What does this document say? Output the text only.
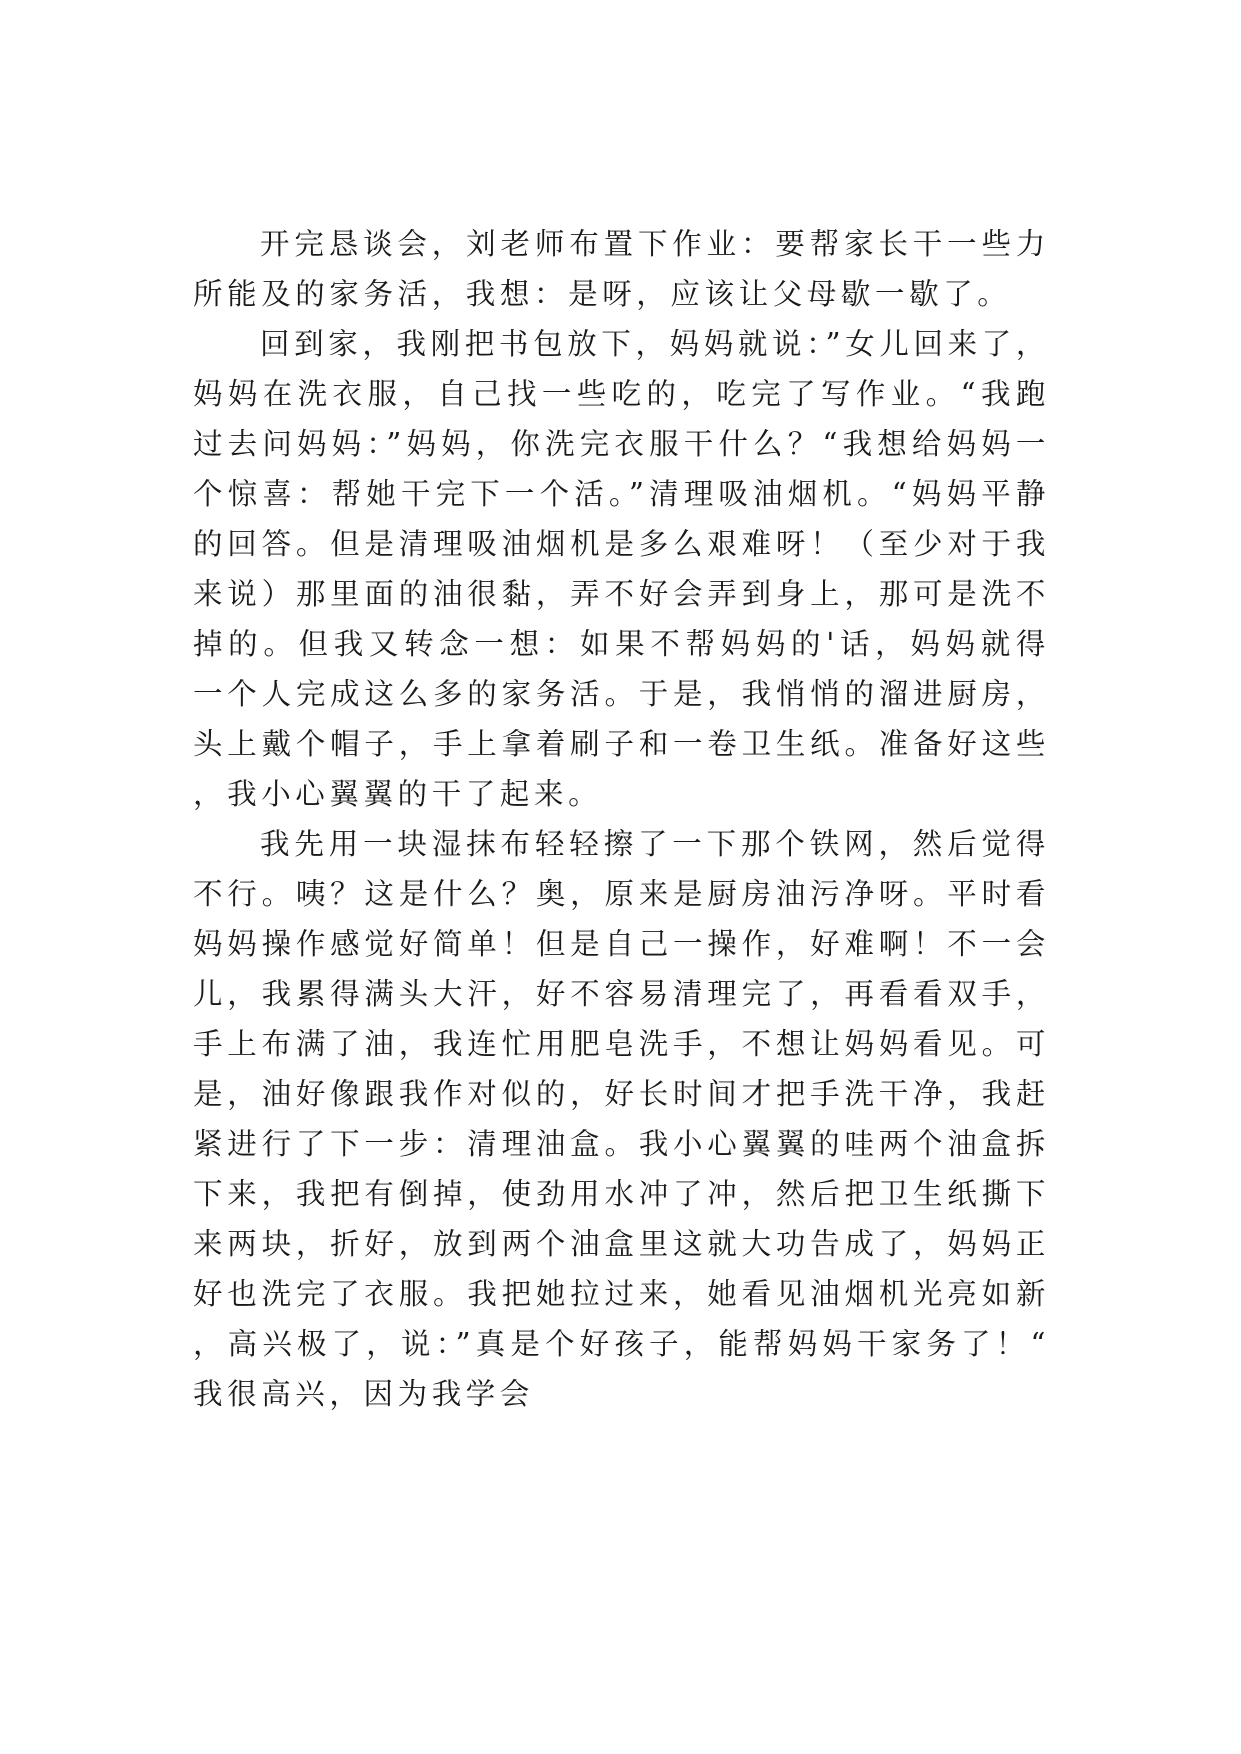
开完恳谈会，刘老师布置下作业：要帮家长干一些力所能及的家务活，我想：是呀，应该让父母歇一歇了。

回到家，我刚把书包放下，妈妈就说：”女儿回来了，妈妈在洗衣服，自己找一些吃的，吃完了写作业。“我跑过去问妈妈：”妈妈，你洗完衣服干什么？“我想给妈妈一个惊喜：帮她干完下一个活。”清理吸油烟机。“妈妈平静的回答。但是清理吸油烟机是多么艰难呀！（至少对于我来说）那里面的油很黏，弄不好会弄到身上，那可是洗不掉的。但我又转念一想：如果不帮妈妈的'话，妈妈就得一个人完成这么多的家务活。于是，我悄悄的溜进厨房，头上戴个帽子，手上拿着刷子和一卷卫生纸。准备好这些，我小心翼翼的干了起来。

我先用一块湿抹布轻轻擦了一下那个铁网，然后觉得不行。咦？这是什么？奥，原来是厨房油污净呀。平时看妈妈操作感觉好简单！但是自己一操作，好难啊！不一会儿，我累得满头大汗，好不容易清理完了，再看看双手，手上布满了油，我连忙用肥皂洗手，不想让妈妈看见。可是，油好像跟我作对似的，好长时间才把手洗干净，我赶紧进行了下一步：清理油盒。我小心翼翼的哇两个油盒拆下来，我把有倒掉，使劲用水冲了冲，然后把卫生纸撕下来两块，折好，放到两个油盒里这就大功告成了，妈妈正好也洗完了衣服。我把她拉过来，她看见油烟机光亮如新，高兴极了，说：”真是个好孩子，能帮妈妈干家务了！“我很高兴，因为我学会
